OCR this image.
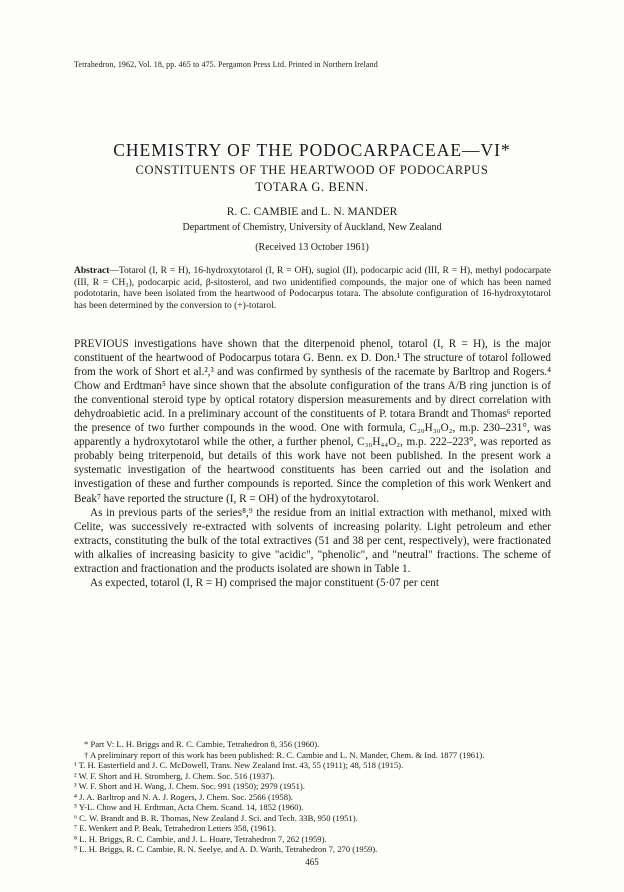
Tetrahedron, 1962, Vol. 18, pp. 465 to 475. Pergamon Press Ltd. Printed in Northern Ireland
CHEMISTRY OF THE PODOCARPACEAE—VI*
CONSTITUENTS OF THE HEARTWOOD OF PODOCARPUS TOTARA G. BENN.
R. C. CAMBIE and L. N. MANDER
Department of Chemistry, University of Auckland, New Zealand
(Received 13 October 1961)
Abstract—Totarol (I, R = H), 16-hydroxytotarol (I, R = OH), sugiol (II), podocarpic acid (III, R = H), methyl podocarpate (III, R = CH₃), podocarpic acid, β-sitosterol, and two unidentified compounds, the major one of which has been named podototarin, have been isolated from the heartwood of Podocarpus totara. The absolute configuration of 16-hydroxytotarol has been determined by the conversion to (+)-totarol.

PREVIOUS investigations have shown that the diterpenoid phenol, totarol (I, R = H), is the major constituent of the heartwood of Podocarpus totara G. Benn. ex D. Don.¹ The structure of totarol followed from the work of Short et al.²,³ and was confirmed by synthesis of the racemate by Barltrop and Rogers.⁴ Chow and Erdtman⁵ have since shown that the absolute configuration of the trans A/B ring junction is of the conventional steroid type by optical rotatory dispersion measurements and by direct correlation with dehydroabietic acid. In a preliminary account of the constituents of P. totara Brandt and Thomas⁶ reported the presence of two further compounds in the wood. One with formula, C₂₀H₃₀O₂, m.p. 230–231°, was apparently a hydroxytotarol while the other, a further phenol, C₃₀H₄₄O₂, m.p. 222–223°, was reported as probably being triterpenoid, but details of this work have not been published. In the present work a systematic investigation of the heartwood constituents has been carried out and the isolation and investigation of these and further compounds is reported. Since the completion of this work Wenkert and Beak⁷ have reported the structure (I, R = OH) of the hydroxytotarol.

As in previous parts of the series⁸,⁹ the residue from an initial extraction with methanol, mixed with Celite, was successively re-extracted with solvents of increasing polarity. Light petroleum and ether extracts, constituting the bulk of the total extractives (51 and 38 per cent, respectively), were fractionated with alkalies of increasing basicity to give "acidic", "phenolic", and "neutral" fractions. The scheme of extraction and fractionation and the products isolated are shown in Table 1.

As expected, totarol (I, R = H) comprised the major constituent (5·07 per cent

* Part V: L. H. Briggs and R. C. Cambie, Tetrahedron 8, 356 (1960).

† A preliminary report of this work has been published: R. C. Cambie and L. N. Mander, Chem. & Ind. 1877 (1961).

¹ T. H. Easterfield and J. C. McDowell, Trans. New Zealand Inst. 43, 55 (1911); 48, 518 (1915).

² W. F. Short and H. Stromberg, J. Chem. Soc. 516 (1937).

³ W. F. Short and H. Wang, J. Chem. Soc. 991 (1950); 2979 (1951).

⁴ J. A. Barltrop and N. A. J. Rogers, J. Chem. Soc. 2566 (1958).

⁵ Y-L. Chow and H. Erdtman, Acta Chem. Scand. 14, 1852 (1960).

⁶ C. W. Brandt and B. R. Thomas, New Zealand J. Sci. and Tech. 33B, 950 (1951).

⁷ E. Wenkert and P. Beak, Tetrahedron Letters 358, (1961).

⁸ L. H. Briggs, R. C. Cambie, and J. L. Hoare, Tetrahedron 7, 262 (1959).

⁹ L. H. Briggs, R. C. Cambie, R. N. Seelye, and A. D. Warth, Tetrahedron 7, 270 (1959).

465
